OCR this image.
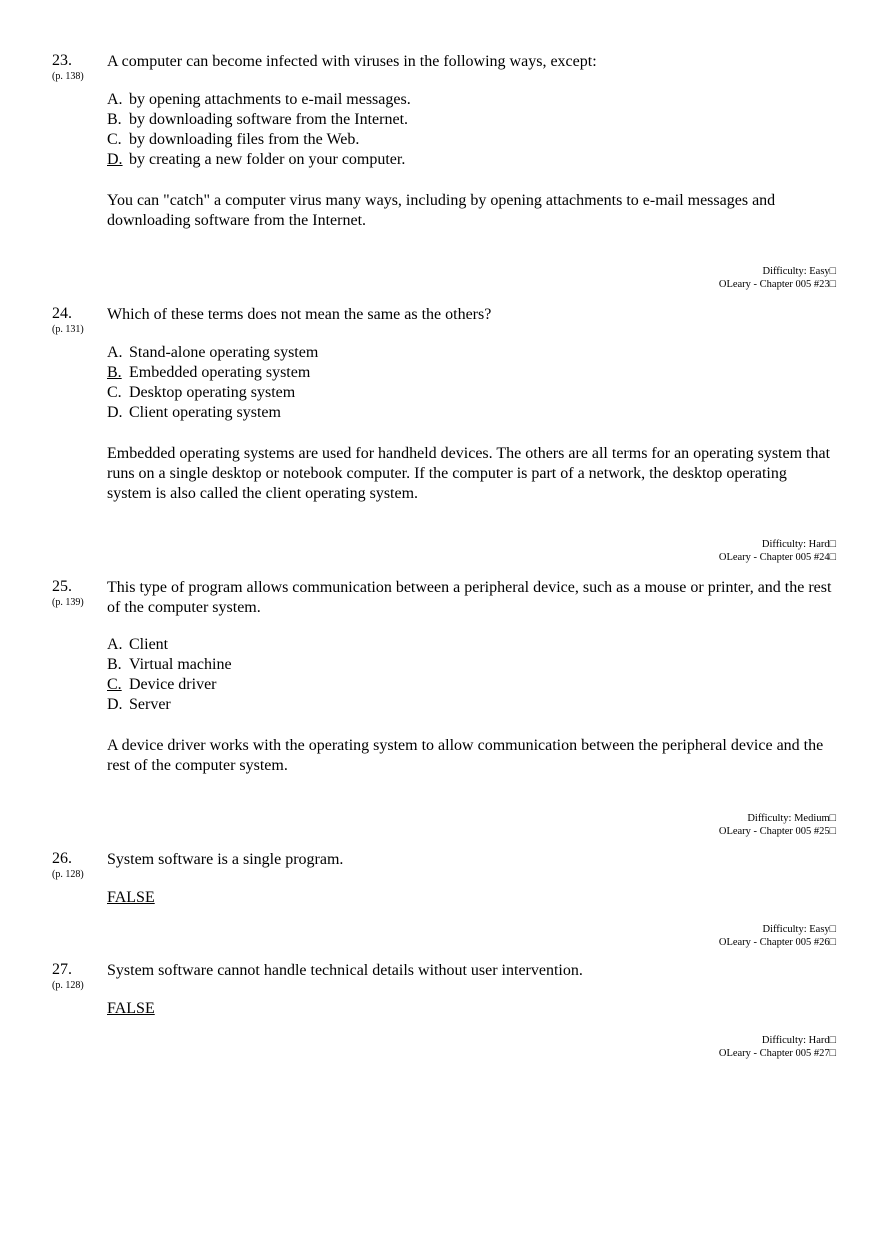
23.
(p. 138)
A computer can become infected with viruses in the following ways, except:
A. by opening attachments to e-mail messages.
B. by downloading software from the Internet.
C. by downloading files from the Web.
D. by creating a new folder on your computer.
You can "catch" a computer virus many ways, including by opening attachments to e-mail messages and downloading software from the Internet.
Difficulty: Easy□
OLeary - Chapter 005 #23□
24.
(p. 131)
Which of these terms does not mean the same as the others?
A. Stand-alone operating system
B. Embedded operating system
C. Desktop operating system
D. Client operating system
Embedded operating systems are used for handheld devices. The others are all terms for an operating system that runs on a single desktop or notebook computer. If the computer is part of a network, the desktop operating system is also called the client operating system.
Difficulty: Hard□
OLeary - Chapter 005 #24□
25.
(p. 139)
This type of program allows communication between a peripheral device, such as a mouse or printer, and the rest of the computer system.
A. Client
B. Virtual machine
C. Device driver
D. Server
A device driver works with the operating system to allow communication between the peripheral device and the rest of the computer system.
Difficulty: Medium□
OLeary - Chapter 005 #25□
26.
(p. 128)
System software is a single program.
FALSE
Difficulty: Easy□
OLeary - Chapter 005 #26□
27.
(p. 128)
System software cannot handle technical details without user intervention.
FALSE
Difficulty: Hard□
OLeary - Chapter 005 #27□
